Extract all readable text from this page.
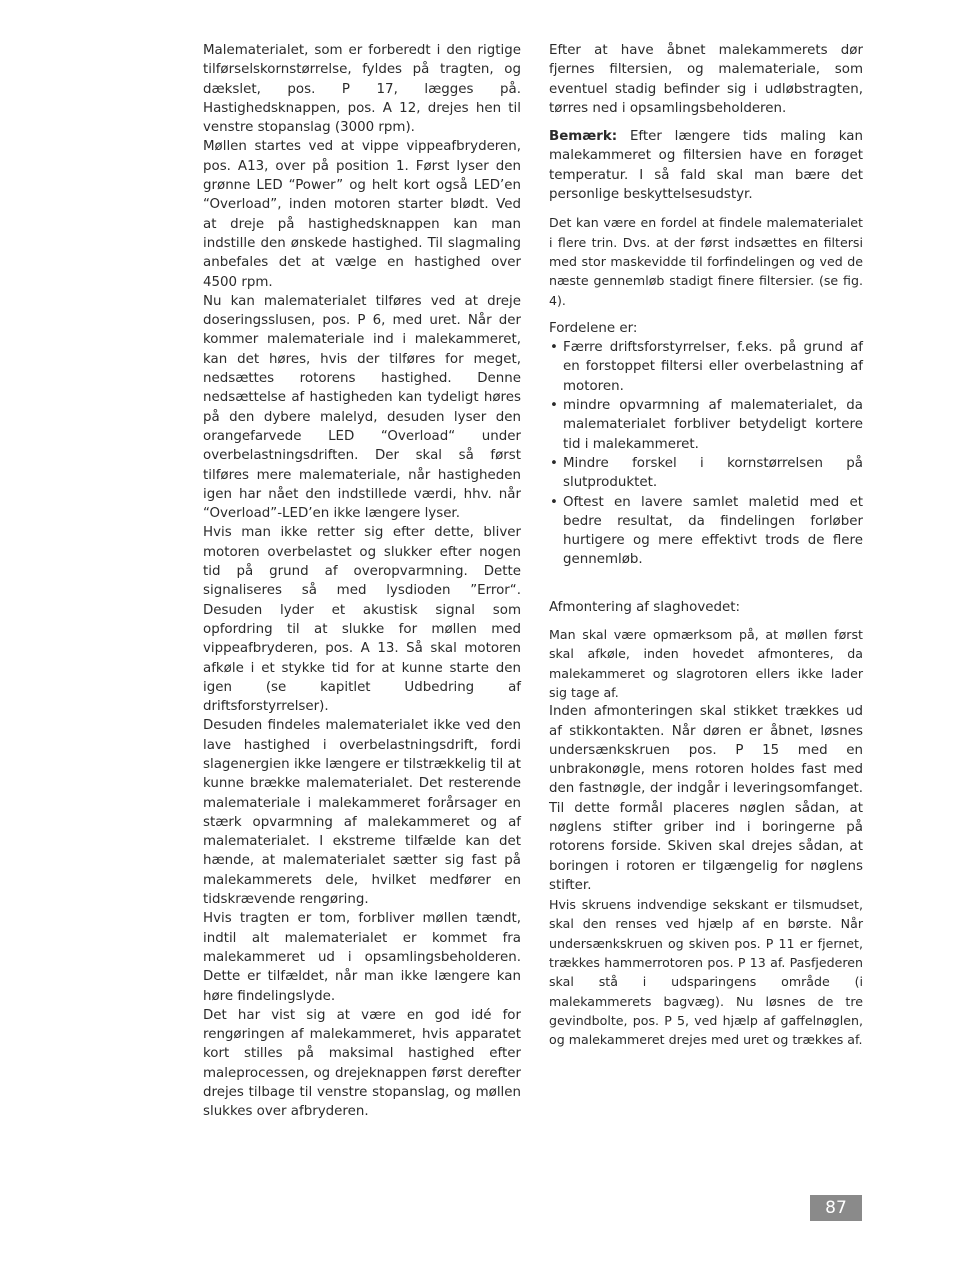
Malematerialet, som er forberedt i den rigtige tilførselskornstørrelse, fyldes på tragten, og dækslet, pos. P 17, lægges på. Hastighedsknappen, pos. A 12, drejes hen til venstre stopanslag (3000 rpm).

Møllen startes ved at vippe vippeafbryderen, pos. A13, over på position 1. Først lyser den grønne LED “Power” og helt kort også LED’en “Overload”, inden motoren starter blødt. Ved at dreje på hastighedsknappen kan man indstille den ønskede hastighed. Til slagmaling anbefales det at vælge en hastighed over 4500 rpm.

Nu kan malematerialet tilføres ved at dreje doseringsslusen, pos. P 6, med uret. Når der kommer malemateriale ind i malekammeret, kan det høres, hvis der tilføres for meget, nedsættes rotorens hastighed. Denne nedsættelse af hastigheden kan tydeligt høres på den dybere malelyd, desuden lyser den orangefarvede LED “Overload“ under overbelastningsdriften. Der skal så først tilføres mere malemateriale, når hastigheden igen har nået den indstillede værdi, hhv. når “Overload”-LED’en ikke længere lyser.

Hvis man ikke retter sig efter dette, bliver motoren overbelastet og slukker efter nogen tid på grund af overopvarmning. Dette signaliseres så med lysdioden ”Error“. Desuden lyder et akustisk signal som opfordring til at slukke for møllen med vippeafbryderen, pos. A 13. Så skal motoren afkøle i et stykke tid for at kunne starte den igen (se kapitlet Udbedring af driftsforstyrrelser).

Desuden findeles malematerialet ikke ved den lave hastighed i overbelastningsdrift, fordi slagenergien ikke længere er tilstrækkelig til at kunne brække malematerialet. Det resterende malemateriale i malekammeret forårsager en stærk opvarmning af malekammeret og af malematerialet. I ekstreme tilfælde kan det hænde, at malematerialet sætter sig fast på malekammerets dele, hvilket medfører en tidskrævende rengøring.

Hvis tragten er tom, forbliver møllen tændt, indtil alt malematerialet er kommet fra malekammeret ud i opsamlingsbeholderen. Dette er tilfældet, når man ikke længere kan høre findelingslyde.

Det har vist sig at være en god idé for rengøringen af malekammeret, hvis apparatet kort stilles på maksimal hastighed efter maleprocessen, og drejeknappen først derefter drejes tilbage til venstre stopanslag, og møllen slukkes over afbryderen.

Efter at have åbnet malekammerets dør fjernes filtersien, og malemateriale, som eventuel stadig befinder sig i udløbstragten, tørres ned i opsamlingsbeholderen.

Bemærk: Efter længere tids maling kan malekammeret og filtersien have en forøget temperatur. I så fald skal man bære det personlige beskyttelsesudstyr.

Det kan være en fordel at findele malematerialet i flere trin. Dvs. at der først indsættes en filtersi med stor maskevidde til forfindelingen og ved de næste gennemløb stadigt finere filtersier. (se fig. 4).

Fordelene er:

• Færre driftsforstyrrelser, f.eks. på grund af en forstoppet filtersi eller overbelastning af motoren.
• mindre opvarmning af malematerialet, da malematerialet forbliver betydeligt kortere tid i malekammeret.
• Mindre forskel i kornstørrelsen på slutproduktet.
• Oftest en lavere samlet maletid med et bedre resultat, da findelingen forløber hurtigere og mere effektivt trods de flere gennemløb.

Afmontering af slaghovedet:

Man skal være opmærksom på, at møllen først skal afkøle, inden hovedet afmonteres, da malekammeret og slagrotoren ellers ikke lader sig tage af.

Inden afmonteringen skal stikket trækkes ud af stikkontakten. Når døren er åbnet, løsnes undersænkskruen pos. P 15 med en unbrakonøgle, mens rotoren holdes fast med den fastnøgle, der indgår i leveringsomfanget. Til dette formål placeres nøglen sådan, at nøglens stifter griber ind i boringerne på rotorens forside. Skiven skal drejes sådan, at boringen i rotoren er tilgængelig for nøglens stifter.

Hvis skruens indvendige sekskant er tilsmudset, skal den renses ved hjælp af en børste. Når undersænkskruen og skiven pos. P 11 er fjernet, trækkes hammerrotoren pos. P 13 af. Pasfjederen skal stå i udsparingens område (i malekammerets bagvæg). Nu løsnes de tre gevindbolte, pos. P 5, ved hjælp af gaffelnøglen, og malekammeret drejes med uret og trækkes af.

87
